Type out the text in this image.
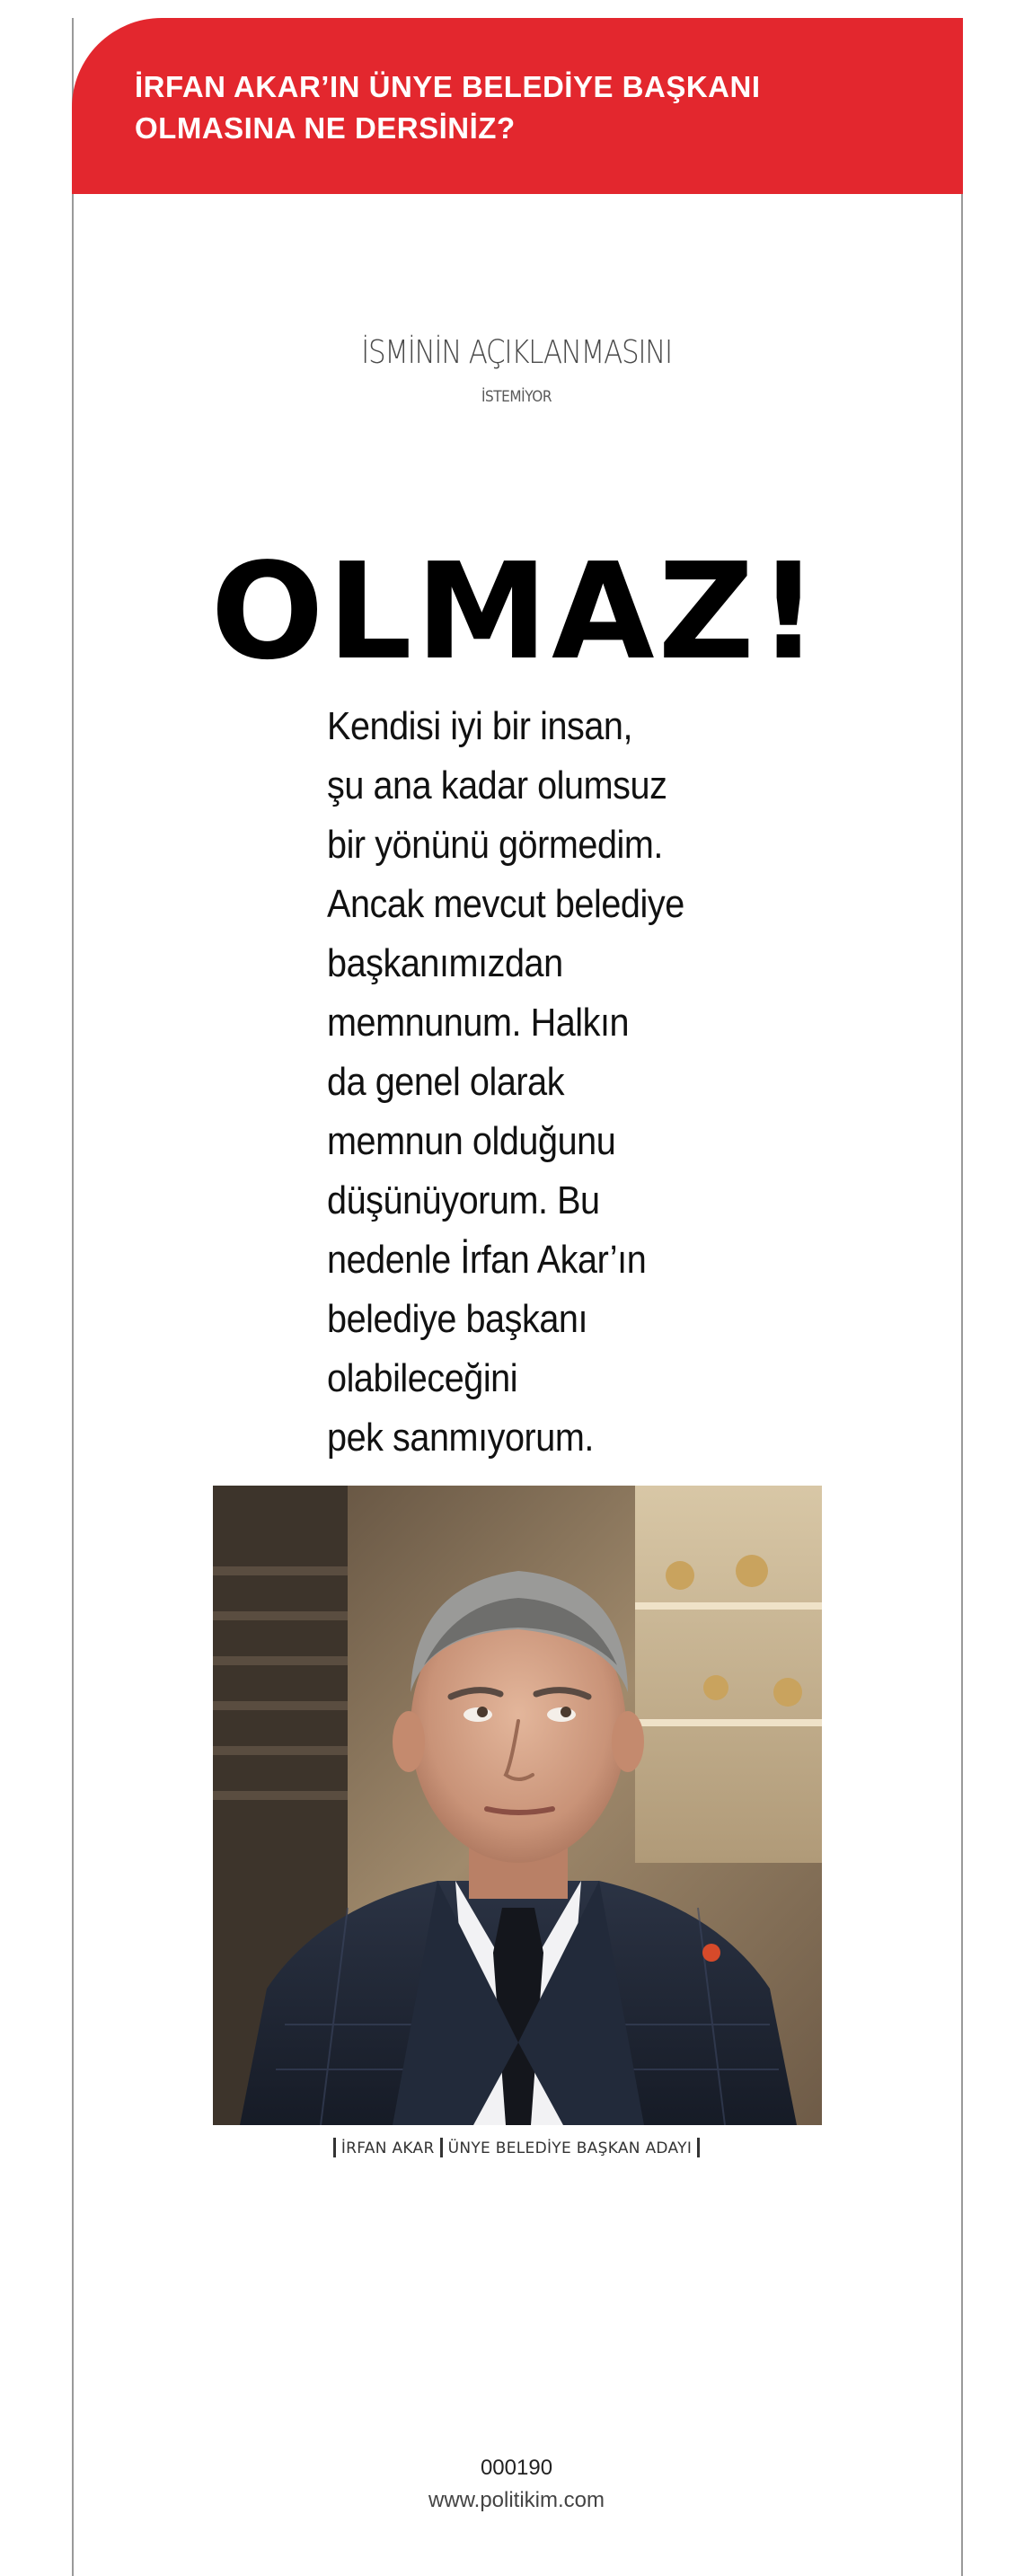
İRFAN AKAR’IN ÜNYE BELEDİYE BAŞKANI
OLMASINA NE DERSİNİZ?
İSMİNİN AÇIKLANMASINI
İSTEMİYOR
OLMAZ!
Kendisi iyi bir insan,
şu ana kadar olumsuz
bir yönünü görmedim.
Ancak mevcut belediye
başkanımızdan
memnunum. Halkın
da genel olarak
memnun olduğunu
düşünüyorum. Bu
nedenle İrfan Akar’ın
belediye başkanı
olabileceğini
pek sanmıyorum.
İRFAN AKAR ÜNYE BELEDİYE BAŞKAN ADAYI
000190
www.politikim.com
